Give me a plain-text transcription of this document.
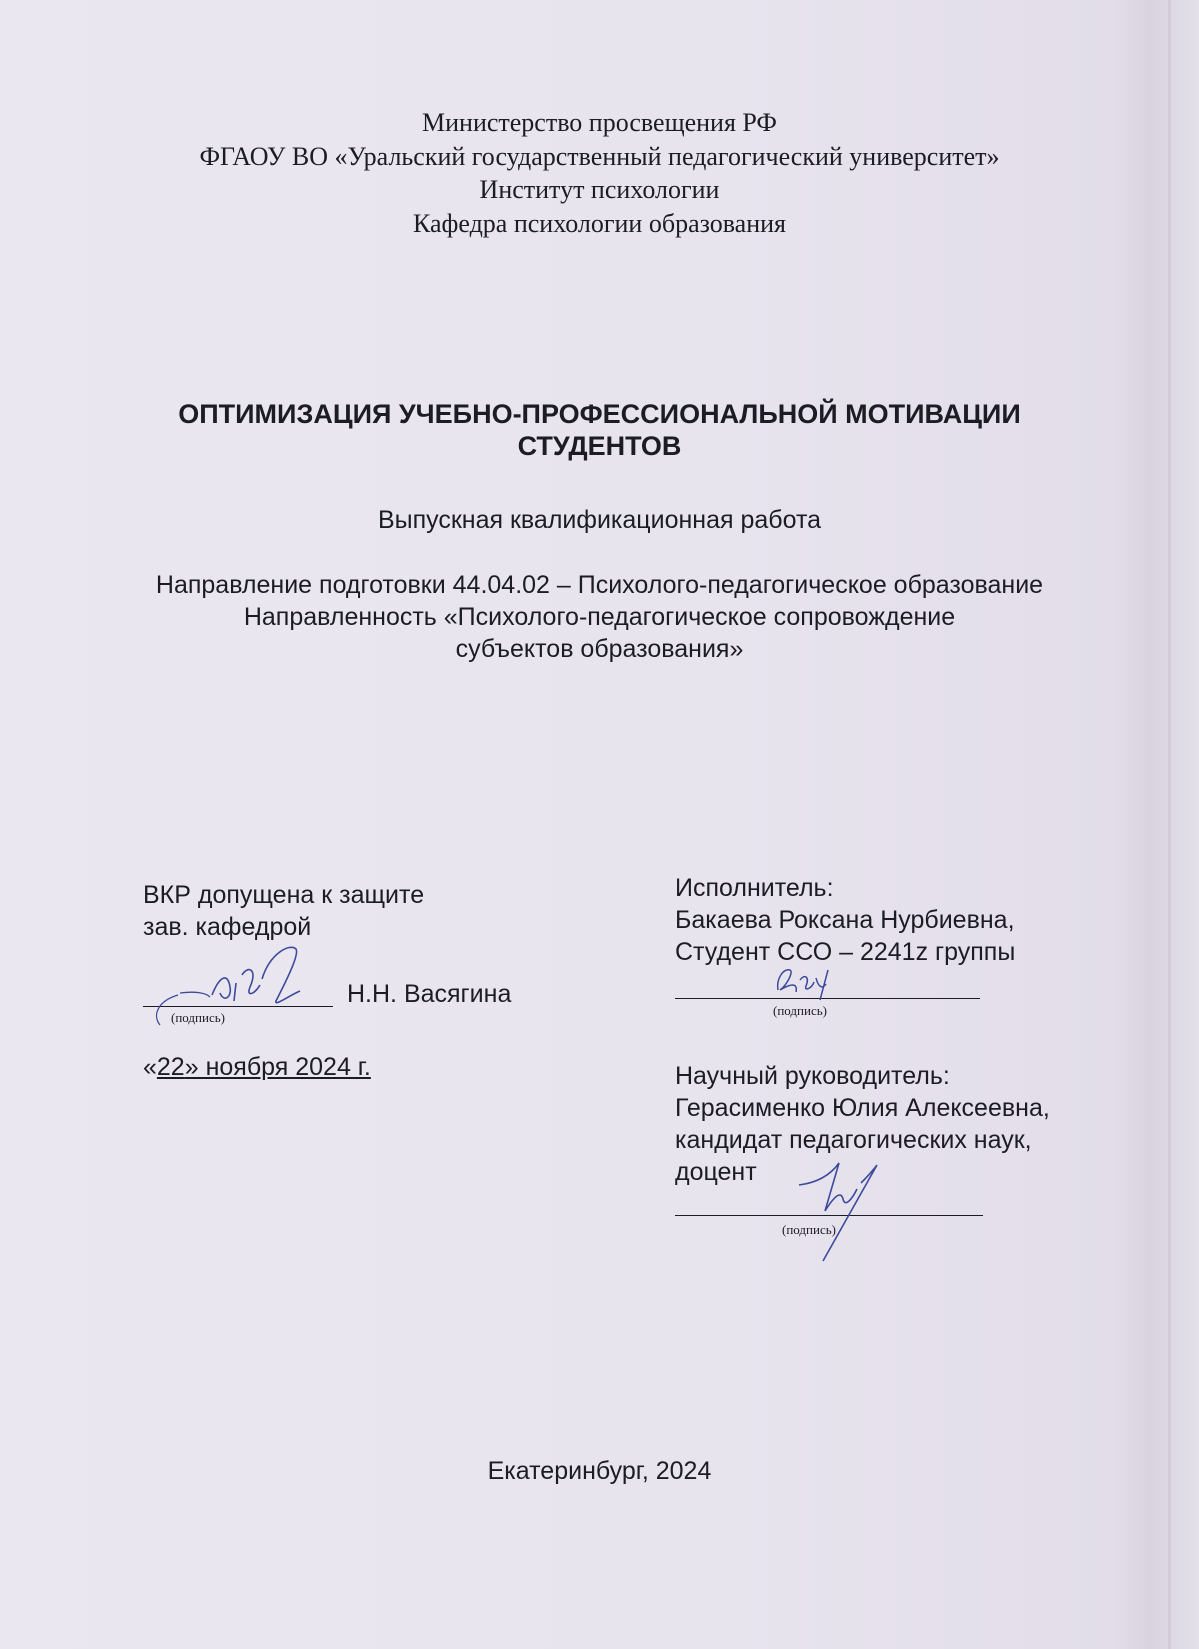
Министерство просвещения РФ
ФГАОУ ВО «Уральский государственный педагогический университет»
Институт психологии
Кафедра психологии образования
ОПТИМИЗАЦИЯ УЧЕБНО-ПРОФЕССИОНАЛЬНОЙ МОТИВАЦИИ
СТУДЕНТОВ
Выпускная квалификационная работа
Направление подготовки 44.04.02 – Психолого-педагогическое образование
Направленность «Психолого-педагогическое сопровождение
субъектов образования»
ВКР допущена к защите
зав. кафедрой
Н.Н. Васягина
(подпись)
«22» ноября 2024 г.
Исполнитель:
Бакаева Роксана Нурбиевна,
Студент ССО – 2241z группы
(подпись)
Научный руководитель:
Герасименко Юлия Алексеевна,
кандидат педагогических наук,
доцент
(подпись)
Екатеринбург, 2024
